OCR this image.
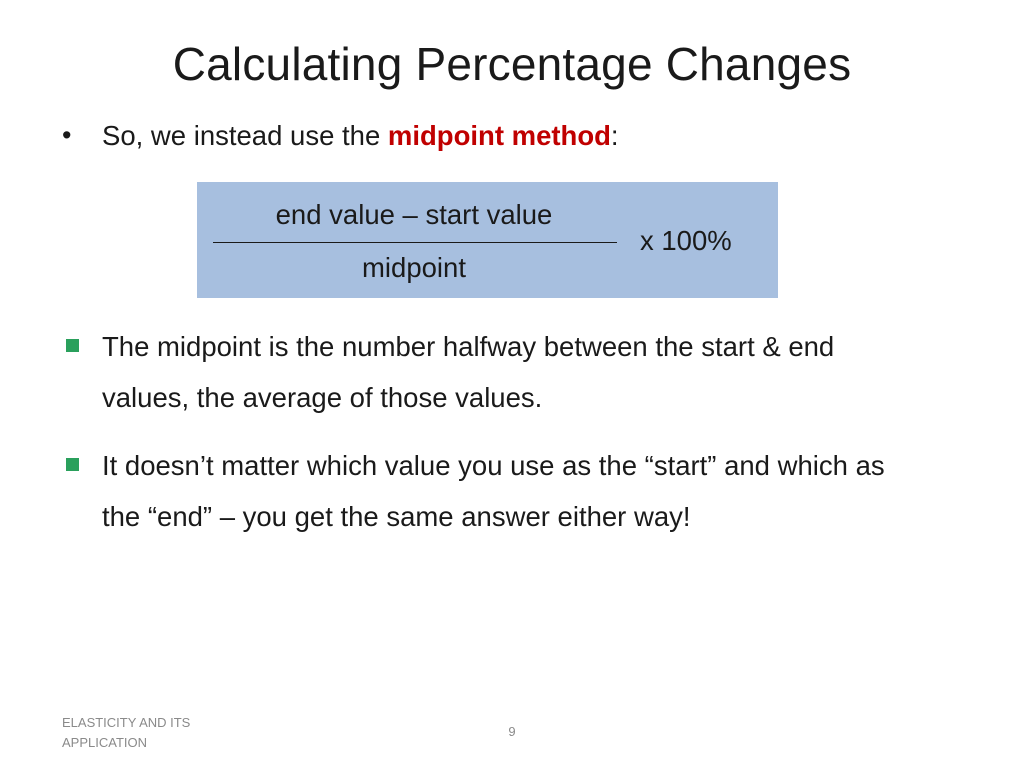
Calculating Percentage Changes
•	So, we instead use the midpoint method:
end value – start value
midpoint
x 100%
The midpoint is the number halfway between the start & end values, the average of those values.
It doesn’t matter which value you use as the “start” and which as the “end” – you get the same answer either way!
ELASTICITY AND ITS APPLICATION
9
